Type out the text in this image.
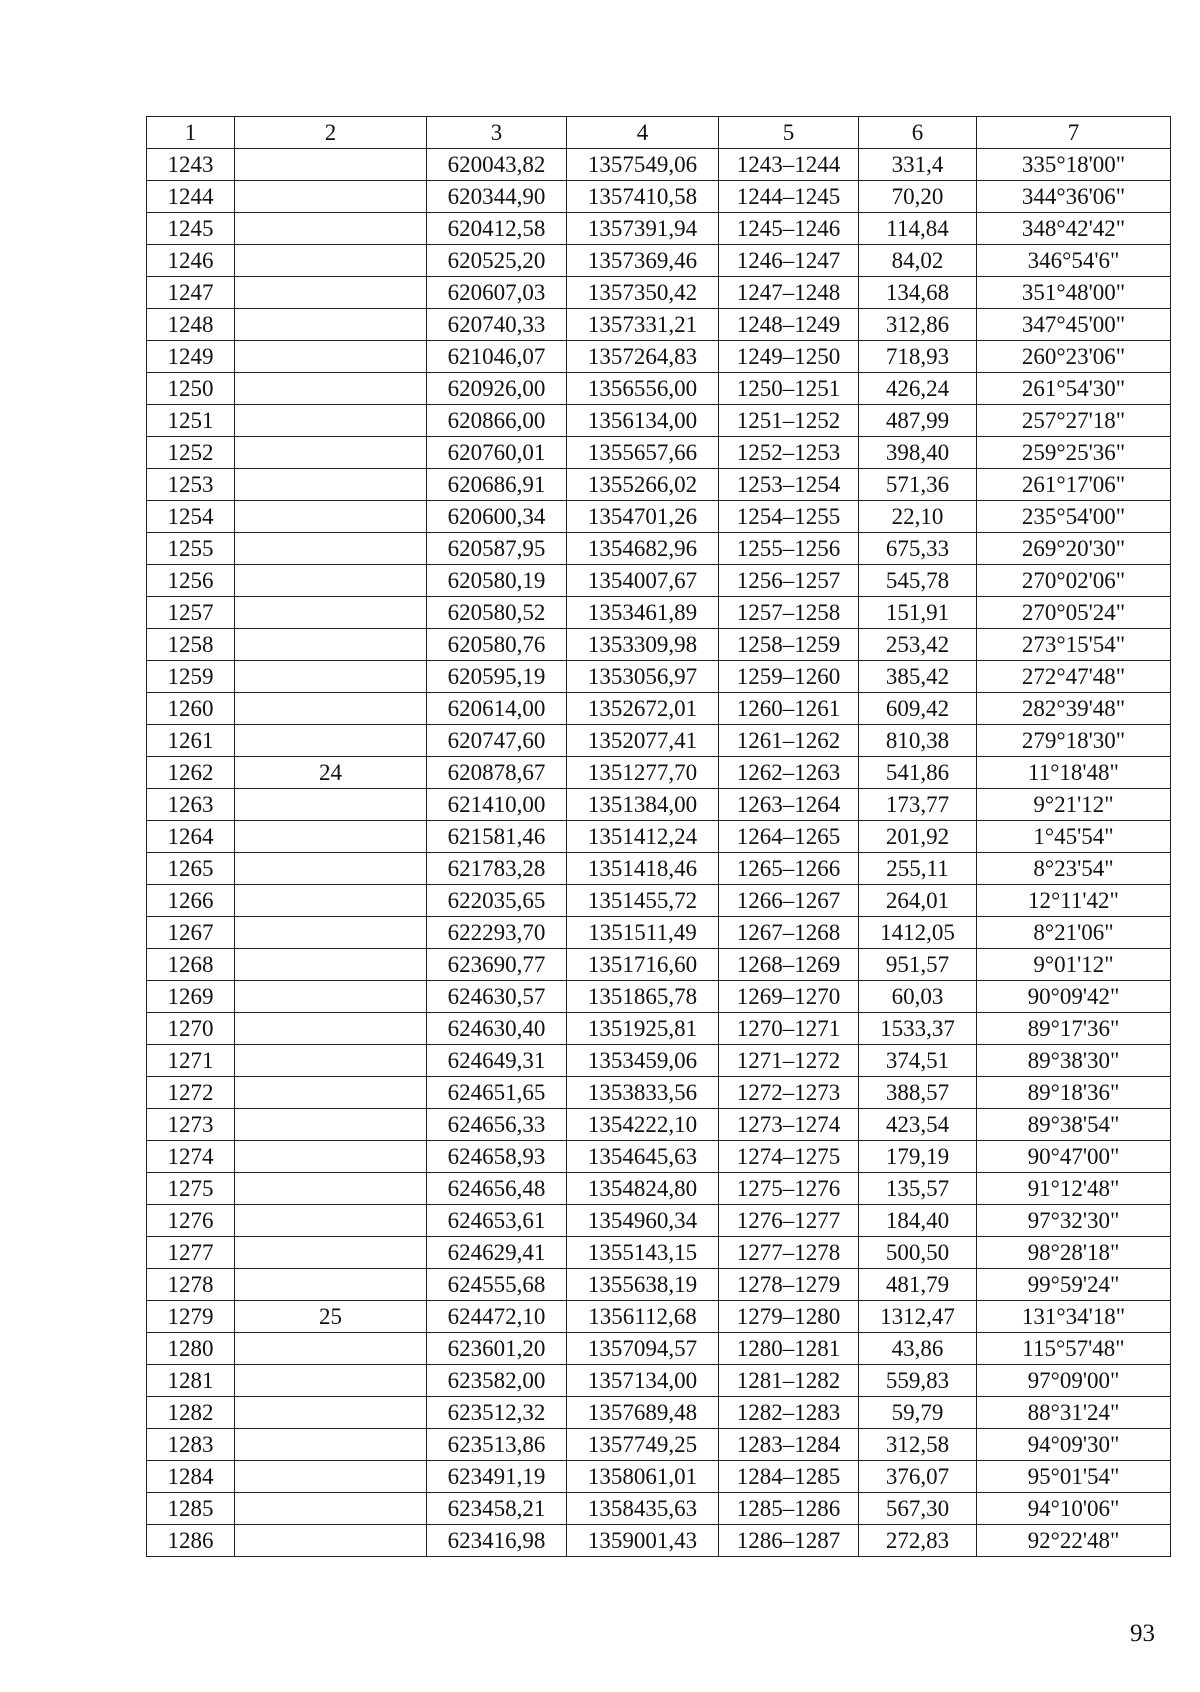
1	2	3	4	5	6	7
1243		620043,82	1357549,06	1243–1244	331,4	335°18'00"
1244		620344,90	1357410,58	1244–1245	70,20	344°36'06"
1245		620412,58	1357391,94	1245–1246	114,84	348°42'42"
1246		620525,20	1357369,46	1246–1247	84,02	346°54'6"
1247		620607,03	1357350,42	1247–1248	134,68	351°48'00"
1248		620740,33	1357331,21	1248–1249	312,86	347°45'00"
1249		621046,07	1357264,83	1249–1250	718,93	260°23'06"
1250		620926,00	1356556,00	1250–1251	426,24	261°54'30"
1251		620866,00	1356134,00	1251–1252	487,99	257°27'18"
1252		620760,01	1355657,66	1252–1253	398,40	259°25'36"
1253		620686,91	1355266,02	1253–1254	571,36	261°17'06"
1254		620600,34	1354701,26	1254–1255	22,10	235°54'00"
1255		620587,95	1354682,96	1255–1256	675,33	269°20'30"
1256		620580,19	1354007,67	1256–1257	545,78	270°02'06"
1257		620580,52	1353461,89	1257–1258	151,91	270°05'24"
1258		620580,76	1353309,98	1258–1259	253,42	273°15'54"
1259		620595,19	1353056,97	1259–1260	385,42	272°47'48"
1260		620614,00	1352672,01	1260–1261	609,42	282°39'48"
1261		620747,60	1352077,41	1261–1262	810,38	279°18'30"
1262	24	620878,67	1351277,70	1262–1263	541,86	11°18'48"
1263		621410,00	1351384,00	1263–1264	173,77	9°21'12"
1264		621581,46	1351412,24	1264–1265	201,92	1°45'54"
1265		621783,28	1351418,46	1265–1266	255,11	8°23'54"
1266		622035,65	1351455,72	1266–1267	264,01	12°11'42"
1267		622293,70	1351511,49	1267–1268	1412,05	8°21'06"
1268		623690,77	1351716,60	1268–1269	951,57	9°01'12"
1269		624630,57	1351865,78	1269–1270	60,03	90°09'42"
1270		624630,40	1351925,81	1270–1271	1533,37	89°17'36"
1271		624649,31	1353459,06	1271–1272	374,51	89°38'30"
1272		624651,65	1353833,56	1272–1273	388,57	89°18'36"
1273		624656,33	1354222,10	1273–1274	423,54	89°38'54"
1274		624658,93	1354645,63	1274–1275	179,19	90°47'00"
1275		624656,48	1354824,80	1275–1276	135,57	91°12'48"
1276		624653,61	1354960,34	1276–1277	184,40	97°32'30"
1277		624629,41	1355143,15	1277–1278	500,50	98°28'18"
1278		624555,68	1355638,19	1278–1279	481,79	99°59'24"
1279	25	624472,10	1356112,68	1279–1280	1312,47	131°34'18"
1280		623601,20	1357094,57	1280–1281	43,86	115°57'48"
1281		623582,00	1357134,00	1281–1282	559,83	97°09'00"
1282		623512,32	1357689,48	1282–1283	59,79	88°31'24"
1283		623513,86	1357749,25	1283–1284	312,58	94°09'30"
1284		623491,19	1358061,01	1284–1285	376,07	95°01'54"
1285		623458,21	1358435,63	1285–1286	567,30	94°10'06"
1286		623416,98	1359001,43	1286–1287	272,83	92°22'48"
93
